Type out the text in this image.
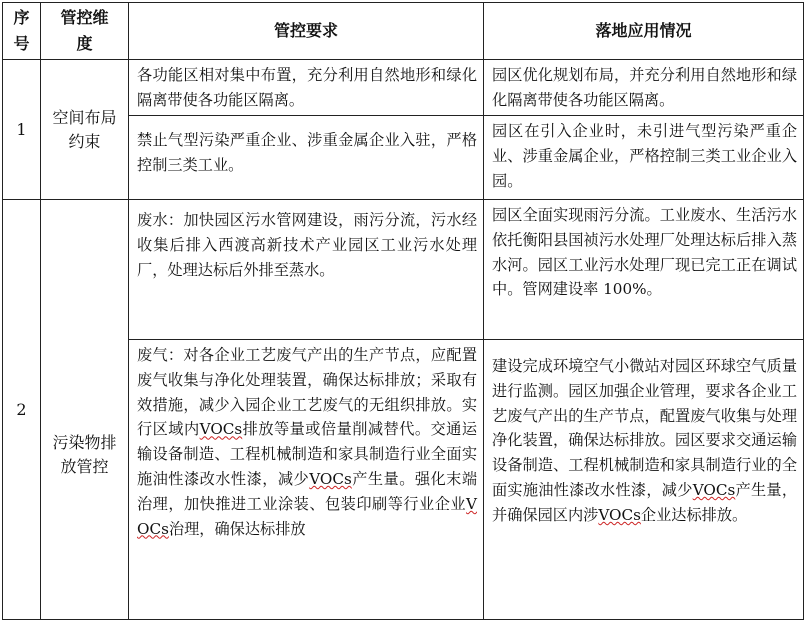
序号	管控维度	管控要求	落地应用情况
1	空间布局约束	各功能区相对集中布置，充分利用自然地形和绿化隔离带使各功能区隔离。	园区优化规划布局，并充分利用自然地形和绿化隔离带使各功能区隔离。
		禁止气型污染严重企业、涉重金属企业入驻，严格控制三类工业。	园区在引入企业时，未引进气型污染严重企业、涉重金属企业，严格控制三类工业企业入园。
2	污染物排放管控	废水：加快园区污水管网建设，雨污分流，污水经收集后排入西渡高新技术产业园区工业污水处理厂，处理达标后外排至蒸水。	园区全面实现雨污分流。工业废水、生活污水依托衡阳县国祯污水处理厂处理达标后排入蒸水河。园区工业污水处理厂现已完工正在调试中。管网建设率 100%。
		废气：对各企业工艺废气产出的生产节点，应配置废气收集与净化处理装置，确保达标排放；采取有效措施，减少入园企业工艺废气的无组织排放。实行区域内VOCs排放等量或倍量削减替代。交通运输设备制造、工程机械制造和家具制造行业全面实施油性漆改水性漆，减少VOCs产生量。强化末端治理，加快推进工业涂装、包装印刷等行业企业VOCs治理，确保达标排放	建设完成环境空气小微站对园区环球空气质量进行监测。园区加强企业管理，要求各企业工艺废气产出的生产节点，配置废气收集与处理净化装置，确保达标排放。园区要求交通运输设备制造、工程机械制造和家具制造行业的全面实施油性漆改水性漆，减少VOCs产生量，并确保园区内涉VOCs企业达标排放。
